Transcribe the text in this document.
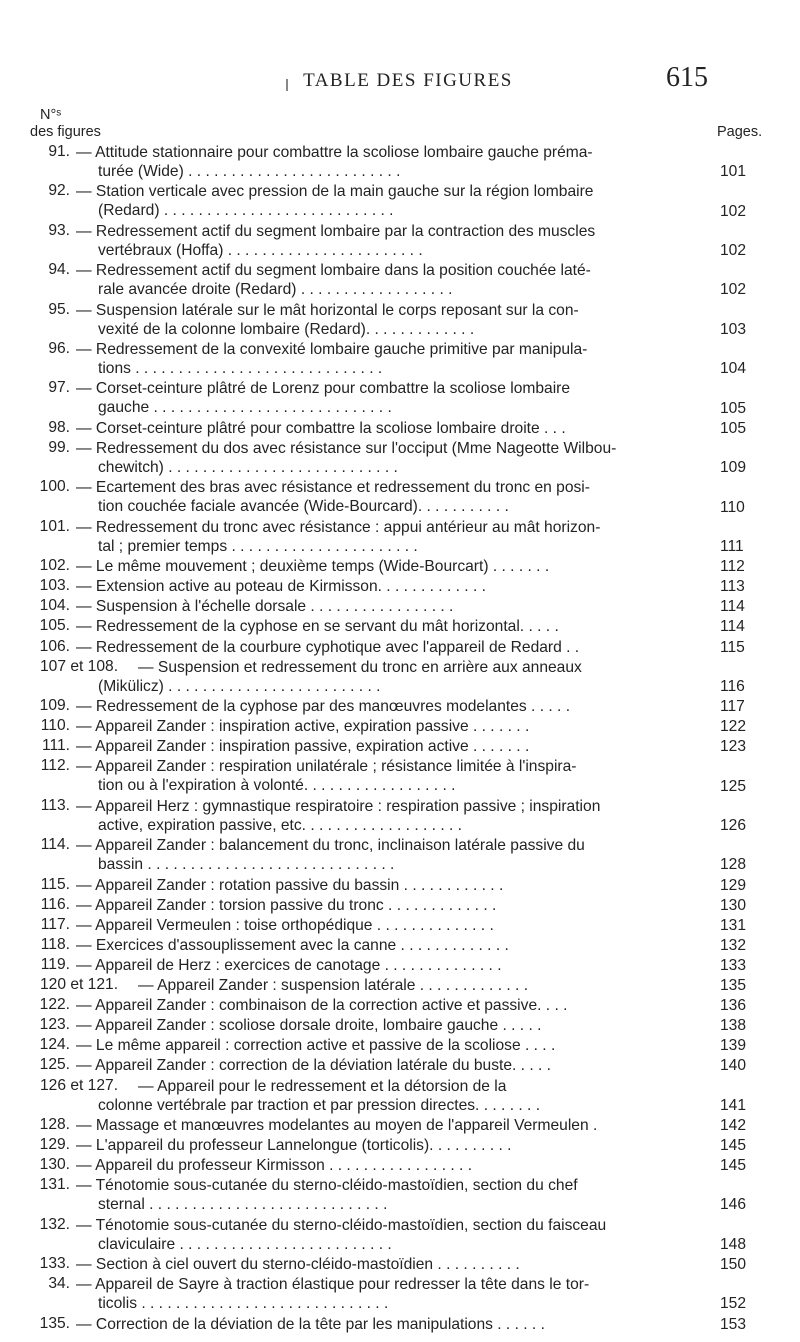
TABLE DES FIGURES	615
N°ˢ
des figures	Pages.
91. — Attitude stationnaire pour combattre la scoliose lombaire gauche préma-
turée (Wide) . . . . . . . . . . . . . . . . . . . . . . . . .	101
92. — Station verticale avec pression de la main gauche sur la région lombaire
(Redard) . . . . . . . . . . . . . . . . . . . . . . . . . . .	102
93. — Redressement actif du segment lombaire par la contraction des muscles
vertébraux (Hoffa) . . . . . . . . . . . . . . . . . . . . . . .	102
94. — Redressement actif du segment lombaire dans la position couchée laté-
rale avancée droite (Redard) . . . . . . . . . . . . . . . . . .	102
95. — Suspension latérale sur le mât horizontal le corps reposant sur la con-
vexité de la colonne lombaire (Redard). . . . . . . . . . . . .	103
96. — Redressement de la convexité lombaire gauche primitive par manipula-
tions . . . . . . . . . . . . . . . . . . . . . . . . . . . . .	104
97. — Corset-ceinture plâtré de Lorenz pour combattre la scoliose lombaire
gauche . . . . . . . . . . . . . . . . . . . . . . . . . . . .	105
98. — Corset-ceinture plâtré pour combattre la scoliose lombaire droite . . .	105
99. — Redressement du dos avec résistance sur l'occiput (Mme Nageotte Wilbou-
chewitch) . . . . . . . . . . . . . . . . . . . . . . . . . . .	109
100. — Ecartement des bras avec résistance et redressement du tronc en posi-
tion couchée faciale avancée (Wide-Bourcard). . . . . . . . . . .	110
101. — Redressement du tronc avec résistance : appui antérieur au mât horizon-
tal ; premier temps . . . . . . . . . . . . . . . . . . . . . .	111
102. — Le même mouvement ; deuxième temps (Wide-Bourcart) . . . . . . .	112
103. — Extension active au poteau de Kirmisson. . . . . . . . . . . . .	113
104. — Suspension à l'échelle dorsale . . . . . . . . . . . . . . . . .	114
105. — Redressement de la cyphose en se servant du mât horizontal. . . . .	114
106. — Redressement de la courbure cyphotique avec l'appareil de Redard . .	115
107 et 108.	— Suspension et redressement du tronc en arrière aux anneaux
(Mikülicz) . . . . . . . . . . . . . . . . . . . . . . . . .	116
109. — Redressement de la cyphose par des manœuvres modelantes . . . . .	117
110. — Appareil Zander : inspiration active, expiration passive . . . . . . .	122
111. — Appareil Zander : inspiration passive, expiration active . . . . . . .	123
112. — Appareil Zander : respiration unilatérale ; résistance limitée à l'inspira-
tion ou à l'expiration à volonté. . . . . . . . . . . . . . . . . .	125
113. — Appareil Herz : gymnastique respiratoire : respiration passive ; inspiration
active, expiration passive, etc. . . . . . . . . . . . . . . . . . .	126
114. — Appareil Zander : balancement du tronc, inclinaison latérale passive du
bassin . . . . . . . . . . . . . . . . . . . . . . . . . . . . .	128
115. — Appareil Zander : rotation passive du bassin . . . . . . . . . . . .	129
116. — Appareil Zander : torsion passive du tronc . . . . . . . . . . . . .	130
117. — Appareil Vermeulen : toise orthopédique . . . . . . . . . . . . . .	131
118. — Exercices d'assouplissement avec la canne . . . . . . . . . . . . .	132
119. — Appareil de Herz : exercices de canotage . . . . . . . . . . . . . .	133
120 et 121.	— Appareil Zander : suspension latérale . . . . . . . . . . . . .	135
122. — Appareil Zander : combinaison de la correction active et passive. . . .	136
123. — Appareil Zander : scoliose dorsale droite, lombaire gauche . . . . .	138
124. — Le même appareil : correction active et passive de la scoliose . . . .	139
125. — Appareil Zander : correction de la déviation latérale du buste. . . . .	140
126 et 127.	— Appareil pour le redressement et la détorsion de la
colonne vertébrale par traction et par pression directes. . . . . . . .	141
128. — Massage et manœuvres modelantes au moyen de l'appareil Vermeulen .	142
129. — L'appareil du professeur Lannelongue (torticolis). . . . . . . . . .	145
130. — Appareil du professeur Kirmisson . . . . . . . . . . . . . . . . .	145
131. — Ténotomie sous-cutanée du sterno-cléido-mastoïdien, section du chef
sternal . . . . . . . . . . . . . . . . . . . . . . . . . . . .	146
132. — Ténotomie sous-cutanée du sterno-cléido-mastoïdien, section du faisceau
claviculaire . . . . . . . . . . . . . . . . . . . . . . . . .	148
133. — Section à ciel ouvert du sterno-cléido-mastoïdien . . . . . . . . . .	150
34. — Appareil de Sayre à traction élastique pour redresser la tête dans le tor-
ticolis . . . . . . . . . . . . . . . . . . . . . . . . . . . . .	152
135. — Correction de la déviation de la tête par les manipulations . . . . . .	153
